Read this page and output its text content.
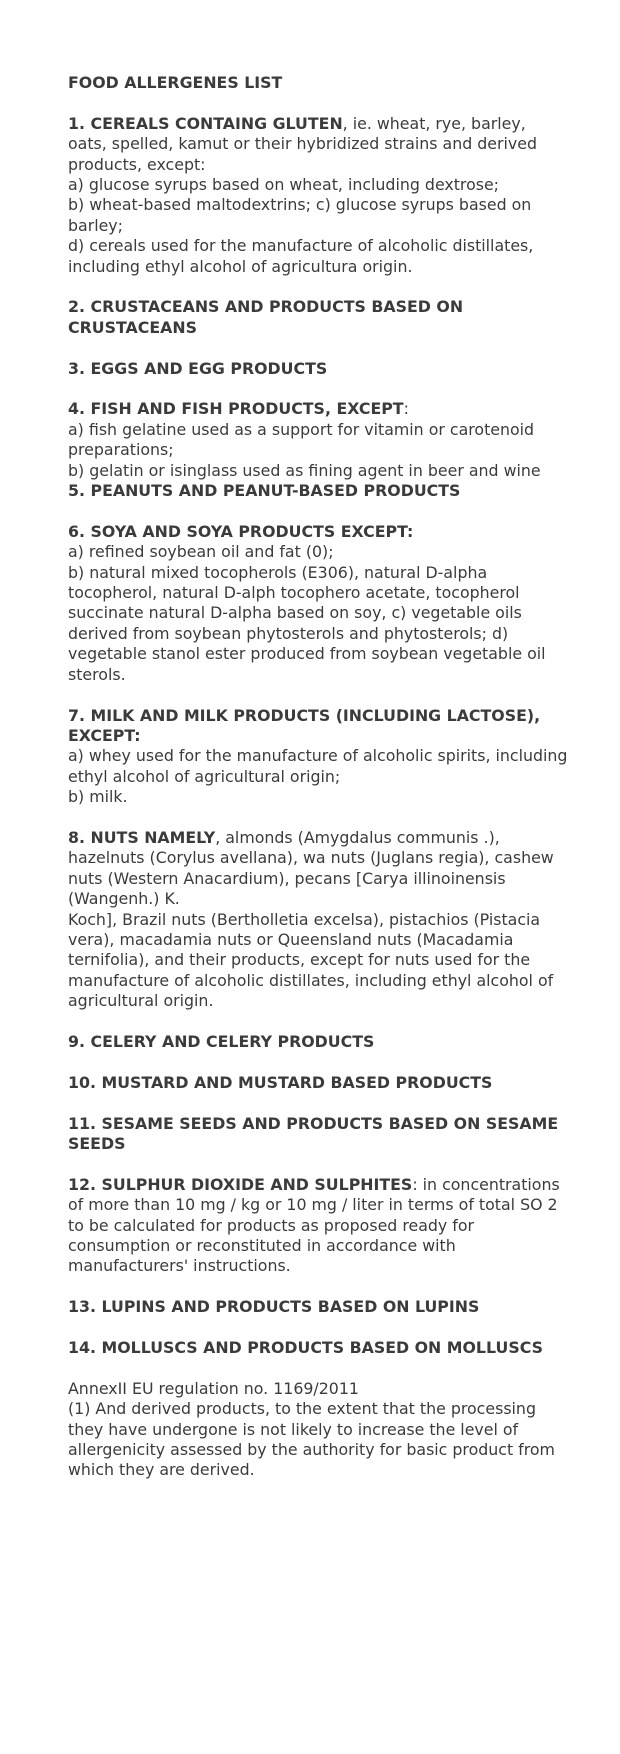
FOOD ALLERGENES LIST

1. CEREALS CONTAING GLUTEN, ie. wheat, rye, barley, oats, spelled, kamut or their hybridized strains and derived products, except:
a) glucose syrups based on wheat, including dextrose;
b) wheat-based maltodextrins; c) glucose syrups based on barley;
d) cereals used for the manufacture of alcoholic distillates, including ethyl alcohol of agricultura origin.

2. CRUSTACEANS AND PRODUCTS BASED ON CRUSTACEANS

3. EGGS AND EGG PRODUCTS

4. FISH AND FISH PRODUCTS, EXCEPT:
a) fish gelatine used as a support for vitamin or carotenoid preparations;
b) gelatin or isinglass used as fining agent in beer and wine

5. PEANUTS AND PEANUT-BASED PRODUCTS

6. SOYA AND SOYA PRODUCTS EXCEPT:
a) refined soybean oil and fat (0);
b) natural mixed tocopherols (E306), natural D-alpha tocopherol, natural D-alph tocophero acetate, tocopherol succinate natural D-alpha based on soy, c) vegetable oils derived from soybean phytosterols and phytosterols; d) vegetable stanol ester produced from soybean vegetable oil sterols.

7. MILK AND MILK PRODUCTS (INCLUDING LACTOSE), EXCEPT:
a) whey used for the manufacture of alcoholic spirits, including ethyl alcohol of agricultural origin;
b) milk.

8. NUTS NAMELY, almonds (Amygdalus communis .), hazelnuts (Corylus avellana), wa nuts (Juglans regia), cashew nuts (Western Anacardium), pecans [Carya illinoinensis (Wangenh.) K.
Koch], Brazil nuts (Bertholletia excelsa), pistachios (Pistacia vera), macadamia nuts or Queensland nuts (Macadamia ternifolia), and their products, except for nuts used for the manufacture of alcoholic distillates, including ethyl alcohol of agricultural origin.

9. CELERY AND CELERY PRODUCTS

10. MUSTARD AND MUSTARD BASED PRODUCTS

11. SESAME SEEDS AND PRODUCTS BASED ON SESAME SEEDS

12. SULPHUR DIOXIDE AND SULPHITES: in concentrations of more than 10 mg / kg or 10 mg / liter in terms of total SO 2 to be calculated for products as proposed ready for consumption or reconstituted in accordance with manufacturers' instructions.

13. LUPINS AND PRODUCTS BASED ON LUPINS

14. MOLLUSCS AND PRODUCTS BASED ON MOLLUSCS

AnnexII EU regulation no. 1169/2011
(1) And derived products, to the extent that the processing they have undergone is not likely to increase the level of allergenicity assessed by the authority for basic product from which they are derived.
